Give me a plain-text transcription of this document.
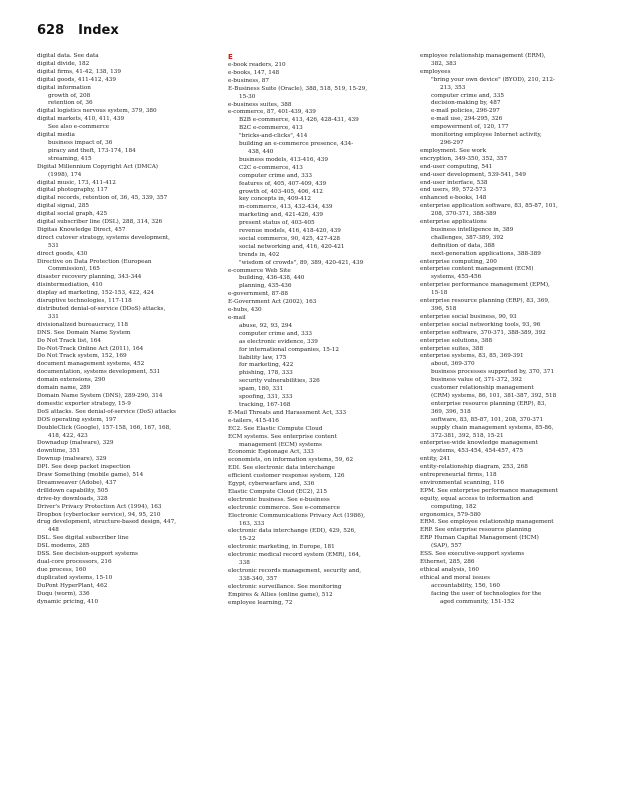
628 Index
digital data. See data
digital divide, 182
digital firms, 41-42, 138, 139
digital goods, 411-412, 439
digital information
growth of, 208
retention of, 36
digital logistics nervous system, 379, 380
digital markets, 410, 411, 439
See also e-commerce
digital media
business impact of, 36
piracy and theft, 173-174, 184
streaming, 415
Digital Millennium Copyright Act (DMCA)
(1998), 174
digital music, 173, 411-412
digital photography, 117
digital records, retention of, 36, 45, 339, 357
digital signal, 285
digital social graph, 425
digital subscriber line (DSL), 288, 314, 326
Digitas Knowledge Direct, 457
direct cutover strategy, systems development,
531
direct goods, 430
Directive on Data Protection (European
Commission), 165
disaster recovery planning, 343-344
disintermediation, 410
display ad marketing, 152-153, 422, 424
disruptive technologies, 117-118
distributed denial-of-service (DDoS) attacks,
331
divisionalized bureaucracy, 118
DNS. See Domain Name System
Do Not Track list, 164
Do-Not-Track Online Act (2011), 164
Do Not Track system, 152, 169
document management systems, 452
documentation, systems development, 531
domain extensions, 290
domain name, 289
Domain Name System (DNS), 289-290, 314
domestic exporter strategy, 15-9
DoS attacks. See denial-of-service (DoS) attacks
DOS operating system, 197
DoubleClick (Google), 157-158, 166, 167, 168,
418, 422, 423
Downadup (malware), 329
downtime, 351
Downup (malware), 329
DPI. See deep packet inspection
Draw Something (mobile game), 514
Dreamweaver (Adobe), 437
drilldown capability, 505
drive-by downloads, 328
Driver's Privacy Protection Act (1994), 163
Dropbox (cyberlocker service), 94, 95, 210
drug development, structure-based design, 447,
448
DSL. See digital subscriber line
DSL modems, 285
DSS. See decision-support systems
dual-core processors, 216
due process, 160
duplicated systems, 15-10
DuPont HyperPlant, 462
Duqu (worm), 336
dynamic pricing, 410
E
e-book readers, 210
e-books, 147, 148
e-business, 87
E-Business Suite (Oracle), 388, 518, 519, 15-29,
15-30
e-business suites, 388
e-commerce, 87, 401-439, 439
B2B e-commerce, 413, 426, 428-431, 439
B2C e-commerce, 413
"bricks-and-clicks", 414
building an e-commerce presence, 434-
438, 440
business models, 413-416, 439
C2C e-commerce, 413
computer crime and, 333
features of, 405, 407-409, 439
growth of, 403-405, 406, 412
key concepts in, 409-412
m-commerce, 413, 432-434, 439
marketing and, 421-426, 439
present status of, 403-405
revenue models, 416, 418-420, 439
social commerce, 90, 425, 427-428
social networking and, 416, 420-421
trends in, 402
"wisdom of crowds", 89, 389, 420-421, 439
e-commerce Web Site
building, 436-438, 440
planning, 435-436
e-government, 87-88
E-Government Act (2002), 163
e-hubs, 430
e-mail
abuse, 92, 93, 294
computer crime and, 333
as electronic evidence, 339
for international companies, 15-12
liability law, 175
for marketing, 422
phishing, 178, 333
security vulnerabilities, 326
spam, 180, 331
spoofing, 331, 333
tracking, 167-168
E-Mail Threats and Harassment Act, 333
e-tailers, 415-416
EC2. See Elastic Compute Cloud
ECM systems. See enterprise content
management (ECM) systems
Economic Espionage Act, 333
economists, on information systems, 59, 62
EDI. See electronic data interchange
efficient customer response system, 126
Egypt, cyberwarfare and, 336
Elastic Compute Cloud (EC2), 215
electronic business. See e-business
electronic commerce. See e-commerce
Electronic Communications Privacy Act (1986),
163, 333
electronic data interchange (EDI), 429, 526,
15-22
electronic marketing, in Europe, 181
electronic medical record system (EMR), 164,
338
electronic records management, security and,
338-340, 357
electronic surveillance. See monitoring
Empires & Allies (online game), 512
employee learning, 72
employee relationship management (ERM),
382, 383
employees
"bring your own device" (BYOD), 210, 212-
213, 353
computer crime and, 335
decision-making by, 487
e-mail policies, 296-297
e-mail use, 294-295, 326
empowerment of, 120, 177
monitoring employee Internet activity,
296-297
employment. See work
encryption, 349-350, 352, 357
end-user computing, 541
end-user development, 539-541, 549
end-user interface, 538
end users, 99, 572-573
enhanced e-books, 148
enterprise application software, 83, 85-87, 101,
208, 370-371, 388-389
enterprise applications
business intelligence in, 389
challenges, 387-389, 392
definition of data, 388
next-generation applications, 388-389
enterprise computing, 200
enterprise content management (ECM)
systems, 455-456
enterprise performance management (EPM),
15-18
enterprise resource planning (ERP), 83, 369,
396, 518
enterprise social business, 90, 93
enterprise social networking tools, 93, 96
enterprise software, 370-371, 388-389, 392
enterprise solutions, 388
enterprise suites, 388
enterprise systems, 83, 85, 369-391
about, 369-370
business processes supported by, 370, 371
business value of, 371-372, 392
customer relationship management
(CRM) systems, 86, 101, 381-387, 392, 518
enterprise resource planning (ERP), 83,
369, 396, 518
software, 83, 85-87, 101, 208, 370-371
supply chain management systems, 85-86,
372-381, 392, 518, 15-21
enterprise-wide knowledge management
systems, 453-454, 454-457, 475
entity, 241
entity-relationship diagram, 253, 268
entrepreneurial firms, 118
environmental scanning, 116
EPM. See enterprise performance management
equity, equal access to information and
computing, 182
ergonomics, 579-580
ERM. See employee relationship management
ERP. See enterprise resource planning
ERP Human Capital Management (HCM)
(SAP), 557
ESS. See executive-support systems
Ethernet, 285, 286
ethical analysis, 160
ethical and moral issues
accountability, 156, 160
facing the user of technologies for the
aged community, 151-152
